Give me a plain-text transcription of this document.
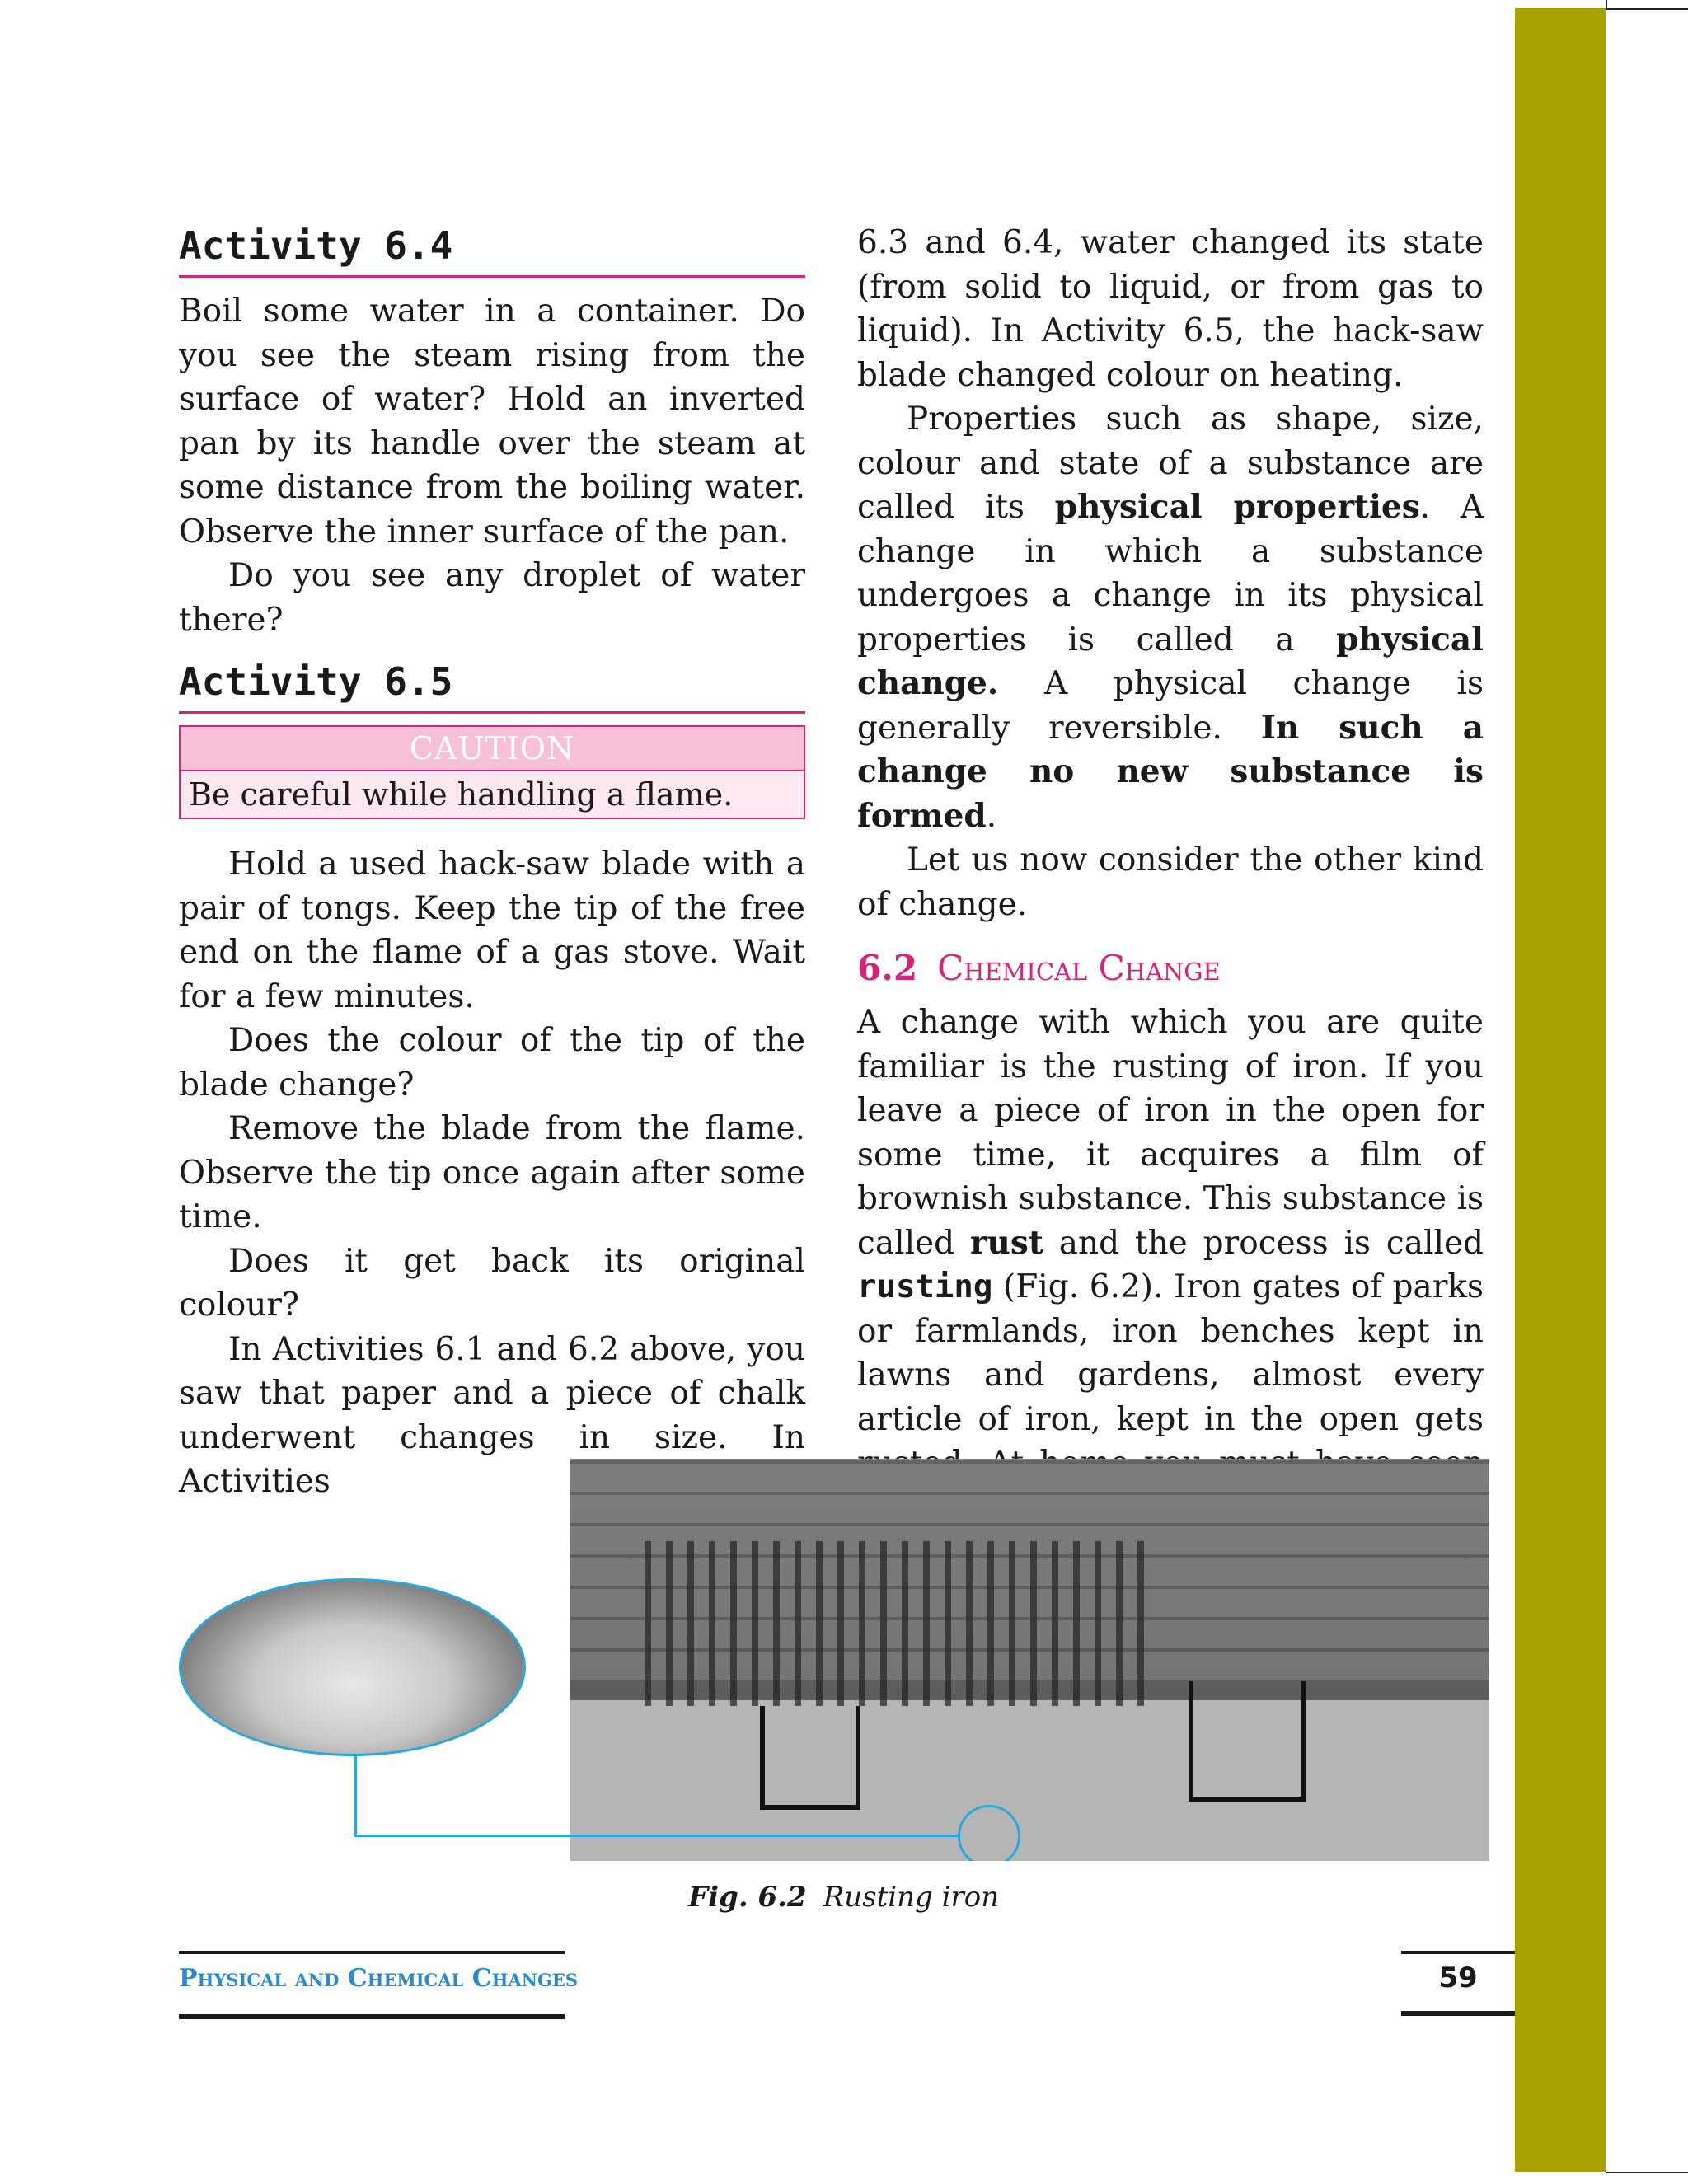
Activity 6.4

Boil some water in a container. Do you see the steam rising from the surface of water? Hold an inverted pan by its handle over the steam at some distance from the boiling water. Observe the inner surface of the pan.

Do you see any droplet of water there?

Activity 6.5
CAUTION
Be careful while handling a flame.

Hold a used hack-saw blade with a pair of tongs. Keep the tip of the free end on the flame of a gas stove. Wait for a few minutes.

Does the colour of the tip of the blade change?

Remove the blade from the flame. Observe the tip once again after some time.

Does it get back its original colour?

In Activities 6.1 and 6.2 above, you saw that paper and a piece of chalk underwent changes in size. In Activities

6.3 and 6.4, water changed its state (from solid to liquid, or from gas to liquid). In Activity 6.5, the hack-saw blade changed colour on heating.

Properties such as shape, size, colour and state of a substance are called its physical properties. A change in which a substance undergoes a change in its physical properties is called a physical change. A physical change is generally reversible. In such a change no new substance is formed.

Let us now consider the other kind of change.

6.2 Chemical Change

A change with which you are quite familiar is the rusting of iron. If you leave a piece of iron in the open for some time, it acquires a film of brownish substance. This substance is called rust and the process is called rusting (Fig. 6.2). Iron gates of parks or farmlands, iron benches kept in lawns and gardens, almost every article of iron, kept in the open gets

Fig. 6.2 Rusting iron
Physical and Chemical Changes	59
